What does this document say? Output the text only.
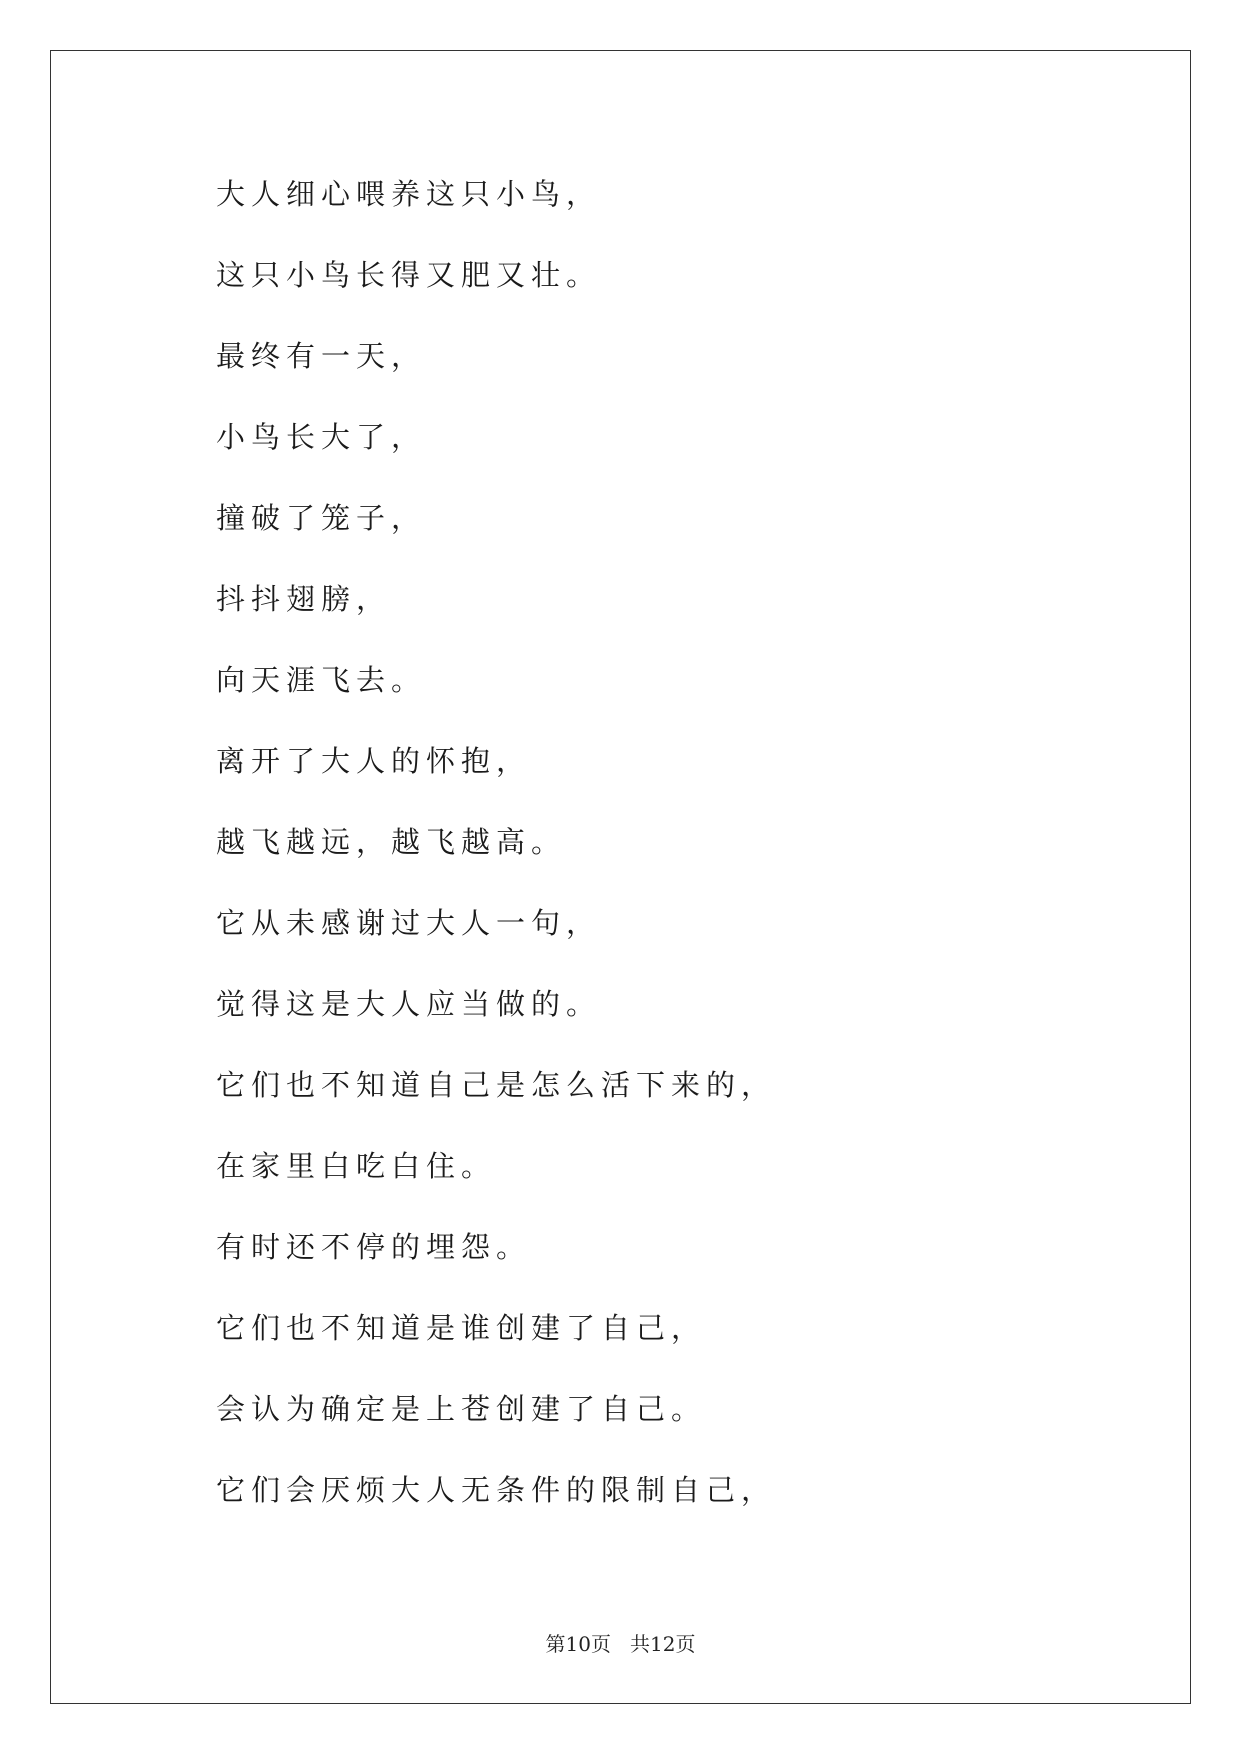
大人细心喂养这只小鸟，
这只小鸟长得又肥又壮。
最终有一天，
小鸟长大了，
撞破了笼子，
抖抖翅膀，
向天涯飞去。
离开了大人的怀抱，
越飞越远，越飞越高。
它从未感谢过大人一句，
觉得这是大人应当做的。
它们也不知道自己是怎么活下来的，
在家里白吃白住。
有时还不停的埋怨。
它们也不知道是谁创建了自己，
会认为确定是上苍创建了自己。
它们会厌烦大人无条件的限制自己，
第10页 共12页
